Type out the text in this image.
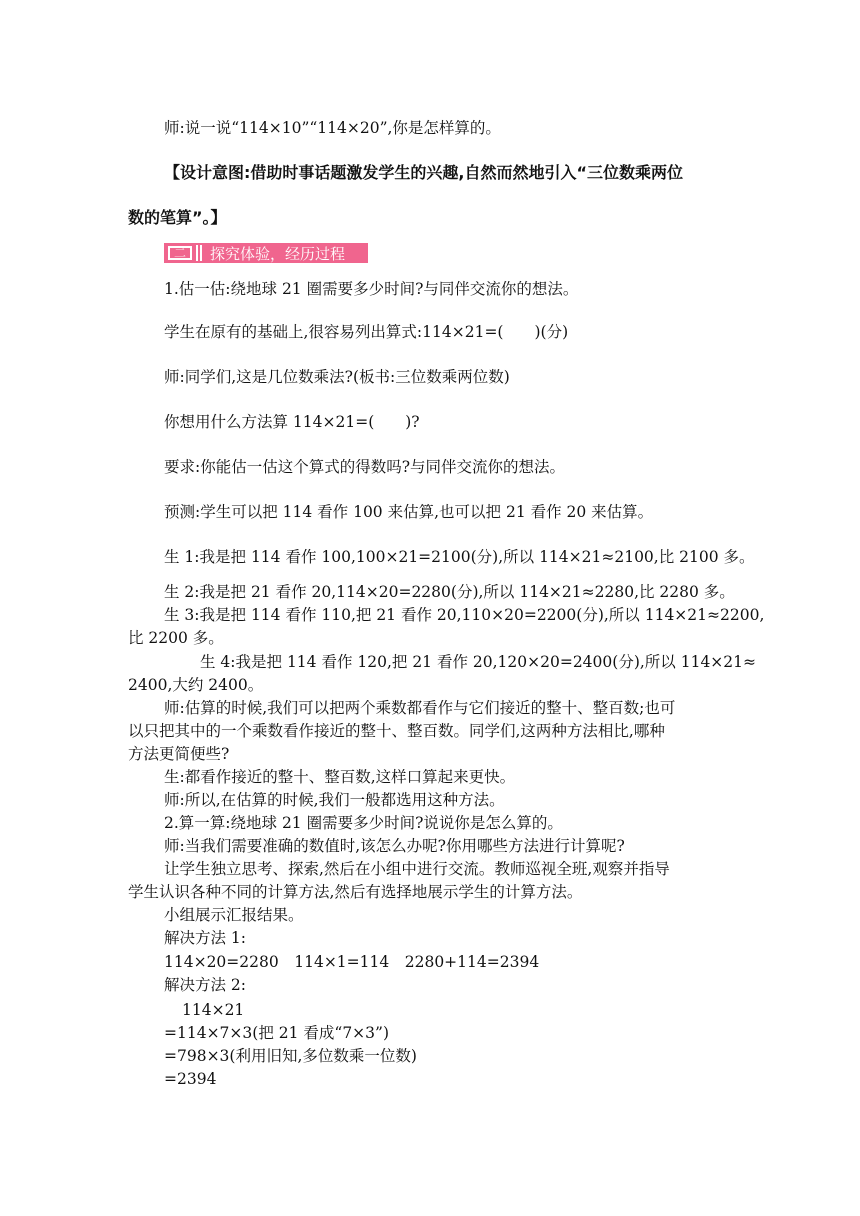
师:说一说“114×10”“114×20”,你是怎样算的。
【设计意图:借助时事话题激发学生的兴趣,自然而然地引入“三位数乘两位
数的笔算”。】
二	探究体验，经历过程
1.估一估:绕地球 21 圈需要多少时间?与同伴交流你的想法。
学生在原有的基础上,很容易列出算式:114×21=(　　)(分)
师:同学们,这是几位数乘法?(板书:三位数乘两位数)
你想用什么方法算 114×21=(　　)?
要求:你能估一估这个算式的得数吗?与同伴交流你的想法。
预测:学生可以把 114 看作 100 来估算,也可以把 21 看作 20 来估算。
生 1:我是把 114 看作 100,100×21=2100(分),所以 114×21≈2100,比 2100 多。
生 2:我是把 21 看作 20,114×20=2280(分),所以 114×21≈2280,比 2280 多。
生 3:我是把 114 看作 110,把 21 看作 20,110×20=2200(分),所以 114×21≈2200,
比 2200 多。
生 4:我是把 114 看作 120,把 21 看作 20,120×20=2400(分),所以 114×21≈
2400,大约 2400。
师:估算的时候,我们可以把两个乘数都看作与它们接近的整十、整百数;也可
以只把其中的一个乘数看作接近的整十、整百数。同学们,这两种方法相比,哪种
方法更简便些?
生:都看作接近的整十、整百数,这样口算起来更快。
师:所以,在估算的时候,我们一般都选用这种方法。
2.算一算:绕地球 21 圈需要多少时间?说说你是怎么算的。
师:当我们需要准确的数值时,该怎么办呢?你用哪些方法进行计算呢?
让学生独立思考、探索,然后在小组中进行交流。教师巡视全班,观察并指导
学生认识各种不同的计算方法,然后有选择地展示学生的计算方法。
小组展示汇报结果。
解决方法 1:
114×20=2280　114×1=114　2280+114=2394
解决方法 2:
114×21
=114×7×3(把 21 看成“7×3”)
=798×3(利用旧知,多位数乘一位数)
=2394
